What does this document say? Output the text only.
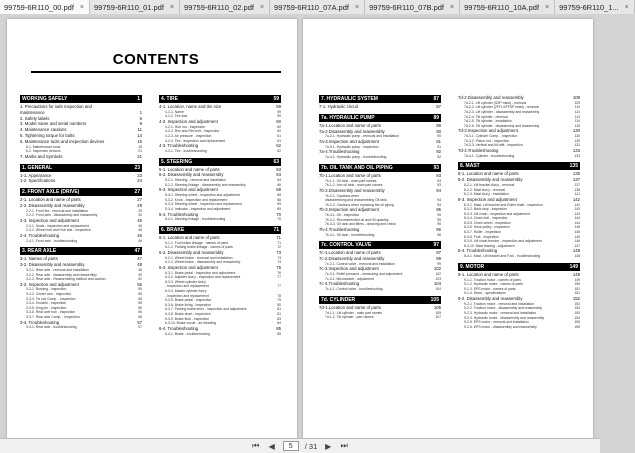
99759-6R110_00.pdf × 99759-6R110_01.pdf × 99759-6R110_02.pdf × 99759-6R110_07A.pdf × 99759-6R110_07B.pdf × 99759-6R110_10A.pdf × 99759-6R110_1... ×
CONTENTS
WORKING SAFELY	1
1. Precautions for safe inspection and
maintenance	1
2. Safety labels	6
3. Model name and serial numbers	9
4. Maintenance cautions	11
5. Tightening torque for bolts	14
6. Maintenance tools and inspection devices	15
6-1. Maintenance tools	15
6-2. Inspection devices	21
7. Marks and Symbols	21
1. GENERAL	23
1-1. Appearance	23
1-2. Specifications	24
2. FRONT AXLE (DRIVE)	27
2-1. Location and name of parts	27
2-2. Disassembly and reassembly	29
2-2-1. Front tire - removal and installation	29
2-2-2. Front axle - disassembly and reassembly	30
2-3. Inspection and adjustment	45
2-3-1. Seals - inspection and replacement	45
2-3-2. Wheel hub and Hub bolt - Inspection	45
2-4. Troubleshooting	46
2-4-1. Front axle - troubleshooting	46
3. REAR AXLE	47
3-1. Names of parts	47
3-2. Disassembly and reassembly	48
3-2-1. Rear axle - removal and installation	48
3-2-2. Rear axle - disassembly and reassembly	49
3-2-3. Rear axle - Reassembling method and caution	52
3-3. Inspection and adjustment	55
3-3-1. Bushing - inspection	55
3-3-2. Center arm - Inspection	55
3-3-3. Tie rod Comp. - Inspection	55
3-3-4. Knuckle - inspection	55
3-3-5. King pin - inspection	56
3-3-6. Rear axle hub - inspection	56
3-3-7. Rear axle Comp. - Inspection	56
3-4. Troubleshooting	57
3-4-1. Rear axle - troubleshooting	57
4. TIRE	59
4-1. Location, name and tire size	59
4-1-1. Name	59
4-1-2. Tire size	59
4-2. Inspection and adjustment	60
4-2-1. Hub nut - Inspection	60
4-2-2. Rim and Rim bolt - Inspection	60
4-2-3. Air pressure - Inspection	61
4-2-4. Tire - Inspection and replacement	61
4-3. Troubleshooting	62
4-3-1. Tire - troubleshooting	62
5. STEERING	63
5-1. Location and name of parts	63
5-2. Disassembly and reassembly	64
5-2-1. Steering - removal and installation	64
5-2-2. Steering linkage - disassembly and reassembly	66
5-3. Inspection and adjustment	68
5-3-1. Steering wheel - Inspection and adjustment	68
5-3-2. Knob - Inspection and replacement	68
5-3-3. Steering wheel - inspection and replacement	69
5-3-4. Indicator - inspection and adjustment	69
5-4. Troubleshooting	70
5-4-1. Steering linkage - troubleshooting	70
6. BRAKE	71
6-1. Location and name of parts	71
6-1-1. Foot brake linkage - names of parts	71
6-1-2. Parking brake linkage - names of parts	72
6-2. Disassembly and reassembly	73
6-2-1. Wheel brake - removal and installation	73
6-2-2. Wheel brake - disassembly and reassembly	74
6-3. Inspection and adjustment	76
6-3-1. Brake pedal - inspection and adjustment	76
6-3-2. Adjuster Ass'y - inspection and replacement	77
6-3-3. Wheel cylinder Ass'y
- Inspection and replacement	77
6-3-4. Master cylinder Ass'y
- Inspection and replacement	78
6-3-5. Brake pedal - Inspection	79
6-3-6. Brake lining - Inspection	80
6-3-7. Parking brake lever - inspection and adjustment	81
6-3-8. Brake drum - inspection	81
6-3-9. Brake fluid - inspection	83
6-3-10. Brake circuit - air bleeding	84
6-4. Troubleshooting	85
6-4-1. Brake - troubleshooting	85
7. HYDRAULIC SYSTEM	87
7-1. Hydraulic circuit	87
7a. HYDRAULIC PUMP	89
7a-1.Location and name of parts	89
7a-2.Disassembly and reassembly	90
7a-2-1. Hydraulic pump - removal and installation	90
7a-3.Inspection and adjustment	91
7a-3-1. Hydraulic pump - inspection	91
7a-4.Troubleshooting	92
7a-4-1. Hydraulic pump - troubleshooting	92
7b. OIL TANK AND OIL PIPING	93
7b-1.Location and name of parts	93
7b-1-1. Oil tank - main part names	93
7b-1-2. Iron oil tank - main part names	93
7b-2.Disassembly and reassembly	94
7b-2-1. Cautions when
disassembling and reassembling Oil tank	94
7b-2-2. Cautions when replacing the oil piping	94
7b-3.Inspection and adjustment	95
7b-3-1. Oil - inspection	95
7b-3-2. Recommended oil and Oil quantity	95
7b-3-3. Oil tank and filters - cleaning and check	95
7b-4.Troubleshooting	96
7b-4-1. Oil tank - troubleshooting	96
7c. CONTROL VALVE	97
7c-1.Location and name of parts	97
7c-2.Disassembly and reassembly	99
7c-2-1. Control valve - removal and installation	99
7c-3.Inspection and adjustment	102
7c-3-1. Relief pressure - measuring and adjustment	102
7c-3-2. Microswitch - adjustment	103
7c-4.Troubleshooting	104
7c-4-1. Control valve - troubleshooting	104
7d. CYLINDER	105
7d-1.Location and name of parts	105
7d-1-1. Lift cylinder - main part names	105
7d-1-2. Tilt cylinder - part names	107
7d-2.Disassembly and reassembly	109
7d-2-1. Lift cylinder (SSP mast) - removal	109
7d-2-2. Lift cylinder (2FFL/2FFSP mast) - removal	110
7d-2-3. Lift cylinder - disassembly and reassembly	111
7d-2-4. Tilt cylinder - removal	113
7d-2-5. Tilt cylinder - installation	114
7d-2-6. Tilt cylinder - disassembly and reassembly	115
7d-3.Inspection and adjustment	130
7d-3-1. Cylinder Comp. - inspection	130
7d-3-2. Piston rod - inspection	130
7d-3-3. Vertical and tilt drift - inspection	131
7d-4.Troubleshooting	133
7d-4-1. Cylinder - troubleshooting	133
8. MAST	135
8-1. Location and name of parts	135
8-2. Disassembly and reassembly	137
8-2-1. Lift bracket Ass'y - removal	137
8-2-2. Mast Ass'y - removal	138
8-2-3. Mast Ass'y - installation	141
8-3. Inspection and adjustment	142
8-3-1. Mast, Lift bracket and Roller shaft - inspection	142
8-3-2. Back stop - inspection	143
8-3-3. Lift chain - inspection and adjustment	143
8-3-4. Chain bolt - inspection	144
8-3-5. Chain wheel - inspection	144
8-3-6. Hose pulley - inspection	145
8-3-7. Roller - inspection	145
8-3-8. Fork - inspection	145
8-3-9. Lift chain tension - inspection and adjustment	146
8-3-10. Mast leaning - adjustment	147
8-4. Troubleshooting	148
8-4-1. Mast, Lift bracket and Fork - troubleshooting	148
9. MOTOR	149
9-1. Location and name of parts	149
9-1-1. Traction motor - names of parts	149
9-1-2. Hydraulic motor - names of parts	150
9-1-3. EPS motor - names of parts	151
9-1-4. Motor - specifications	151
9-2. Disassembly and reassembly	152
9-2-1. Traction motor - removal and installation	152
9-2-2. Traction motor - disassembly and reassembly	153
9-2-3. Hydraulic motor - removal and installation	153
9-2-4. Hydraulic motor - disassembly and reassembly	154
9-2-5. EPS motor - removal and installation	155
9-2-6. EPS motor - disassembly and reassembly	155
⏮ ◀	5	/ 31 ▶ ⏭
